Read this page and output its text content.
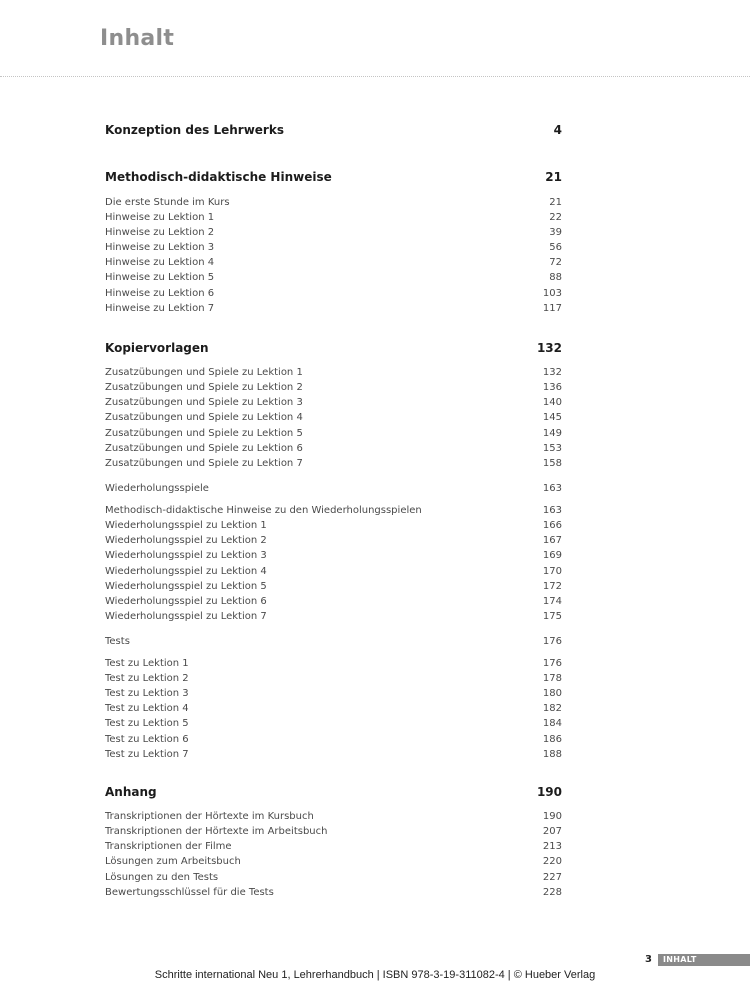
Inhalt
Konzeption des Lehrwerks	4
Methodisch-didaktische Hinweise	21
Die erste Stunde im Kurs	21
Hinweise zu Lektion 1	22
Hinweise zu Lektion 2	39
Hinweise zu Lektion 3	56
Hinweise zu Lektion 4	72
Hinweise zu Lektion 5	88
Hinweise zu Lektion 6	103
Hinweise zu Lektion 7	117
Kopiervorlagen	132
Zusatzübungen und Spiele zu Lektion 1	132
Zusatzübungen und Spiele zu Lektion 2	136
Zusatzübungen und Spiele zu Lektion 3	140
Zusatzübungen und Spiele zu Lektion 4	145
Zusatzübungen und Spiele zu Lektion 5	149
Zusatzübungen und Spiele zu Lektion 6	153
Zusatzübungen und Spiele zu Lektion 7	158
Wiederholungsspiele	163
Methodisch-didaktische Hinweise zu den Wiederholungsspielen	163
Wiederholungsspiel zu Lektion 1	166
Wiederholungsspiel zu Lektion 2	167
Wiederholungsspiel zu Lektion 3	169
Wiederholungsspiel zu Lektion 4	170
Wiederholungsspiel zu Lektion 5	172
Wiederholungsspiel zu Lektion 6	174
Wiederholungsspiel zu Lektion 7	175
Tests	176
Test zu Lektion 1	176
Test zu Lektion 2	178
Test zu Lektion 3	180
Test zu Lektion 4	182
Test zu Lektion 5	184
Test zu Lektion 6	186
Test zu Lektion 7	188
Anhang	190
Transkriptionen der Hörtexte im Kursbuch	190
Transkriptionen der Hörtexte im Arbeitsbuch	207
Transkriptionen der Filme	213
Lösungen zum Arbeitsbuch	220
Lösungen zu den Tests	227
Bewertungsschlüssel für die Tests	228
3 INHALT
Schritte international Neu 1, Lehrerhandbuch | ISBN 978-3-19-311082-4 | © Hueber Verlag
